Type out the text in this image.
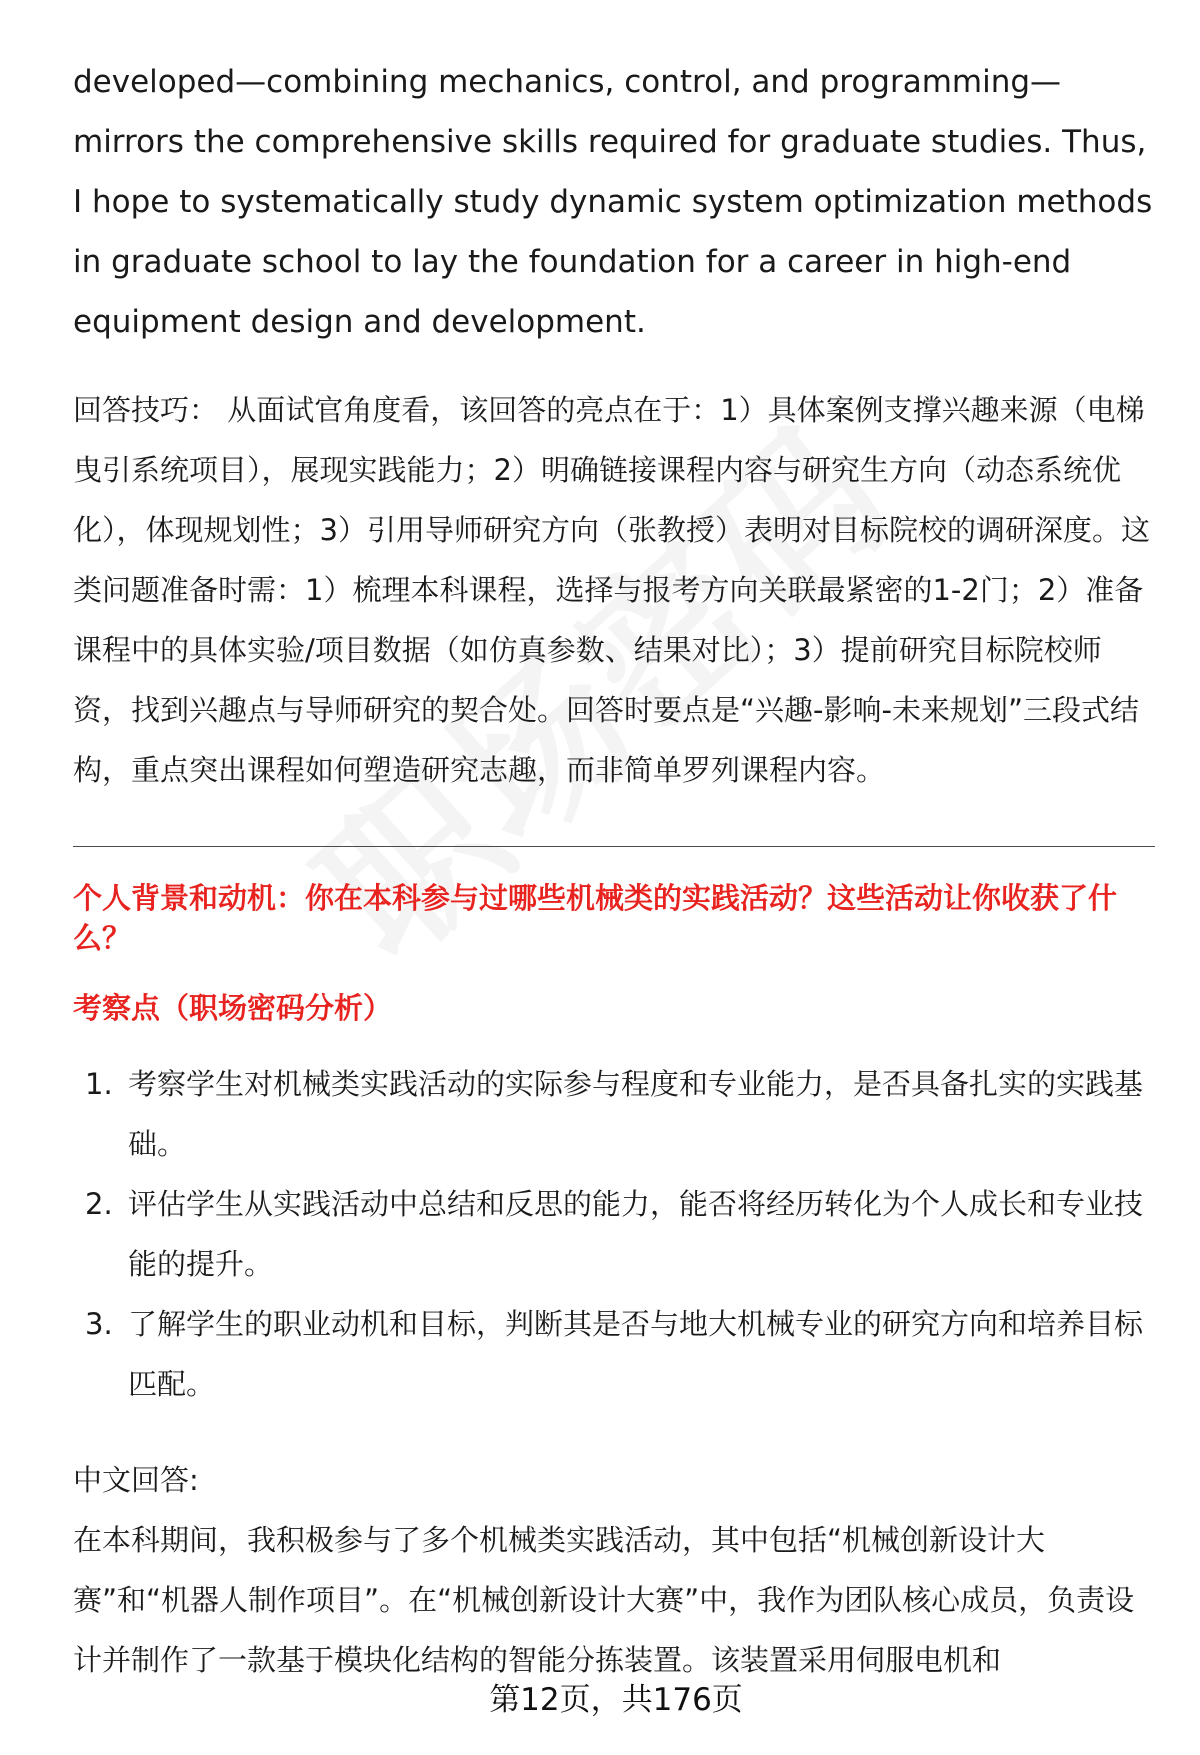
developed—combining mechanics, control, and programming—mirrors the comprehensive skills required for graduate studies. Thus, I hope to systematically study dynamic system optimization methods in graduate school to lay the foundation for a career in high-end equipment design and development.

回答技巧： 从面试官角度看，该回答的亮点在于：1）具体案例支撑兴趣来源（电梯曳引系统项目），展现实践能力；2）明确链接课程内容与研究生方向（动态系统优化），体现规划性；3）引用导师研究方向（张教授）表明对目标院校的调研深度。这类问题准备时需：1）梳理本科课程，选择与报考方向关联最紧密的1-2门；2）准备课程中的具体实验/项目数据（如仿真参数、结果对比）；3）提前研究目标院校师资，找到兴趣点与导师研究的契合处。回答时要点是“兴趣-影响-未来规划”三段式结构，重点突出课程如何塑造研究志趣，而非简单罗列课程内容。

个人背景和动机：你在本科参与过哪些机械类的实践活动？这些活动让你收获了什么？

考察点（职场密码分析）

1. 考察学生对机械类实践活动的实际参与程度和专业能力，是否具备扎实的实践基础。
2. 评估学生从实践活动中总结和反思的能力，能否将经历转化为个人成长和专业技能的提升。
3. 了解学生的职业动机和目标，判断其是否与地大机械专业的研究方向和培养目标匹配。

中文回答:

在本科期间，我积极参与了多个机械类实践活动，其中包括“机械创新设计大赛”和“机器人制作项目”。在“机械创新设计大赛”中，我作为团队核心成员，负责设计并制作了一款基于模块化结构的智能分拣装置。该装置采用伺服电机和

第12页，共176页
